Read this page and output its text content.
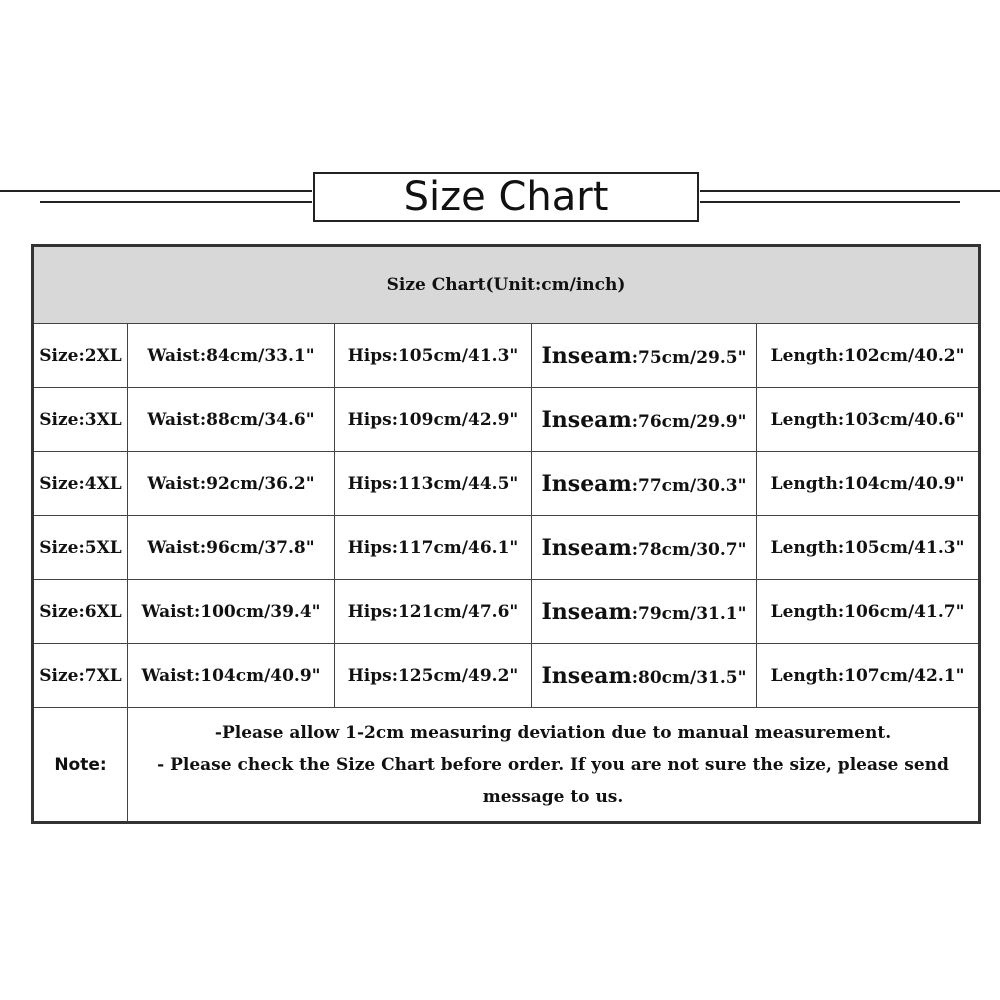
Size Chart
Size Chart(Unit:cm/inch)				
Size:2XL	Waist:84cm/33.1"	Hips:105cm/41.3"	Inseam:75cm/29.5"	Length:102cm/40.2"
Size:3XL	Waist:88cm/34.6"	Hips:109cm/42.9"	Inseam:76cm/29.9"	Length:103cm/40.6"
Size:4XL	Waist:92cm/36.2"	Hips:113cm/44.5"	Inseam:77cm/30.3"	Length:104cm/40.9"
Size:5XL	Waist:96cm/37.8"	Hips:117cm/46.1"	Inseam:78cm/30.7"	Length:105cm/41.3"
Size:6XL	Waist:100cm/39.4"	Hips:121cm/47.6"	Inseam:79cm/31.1"	Length:106cm/41.7"
Size:7XL	Waist:104cm/40.9"	Hips:125cm/49.2"	Inseam:80cm/31.5"	Length:107cm/42.1"
Note:	-Please allow 1-2cm measuring deviation due to manual measurement.
- Please check the Size Chart before order. If you are not sure the size, please send
message to us.			
